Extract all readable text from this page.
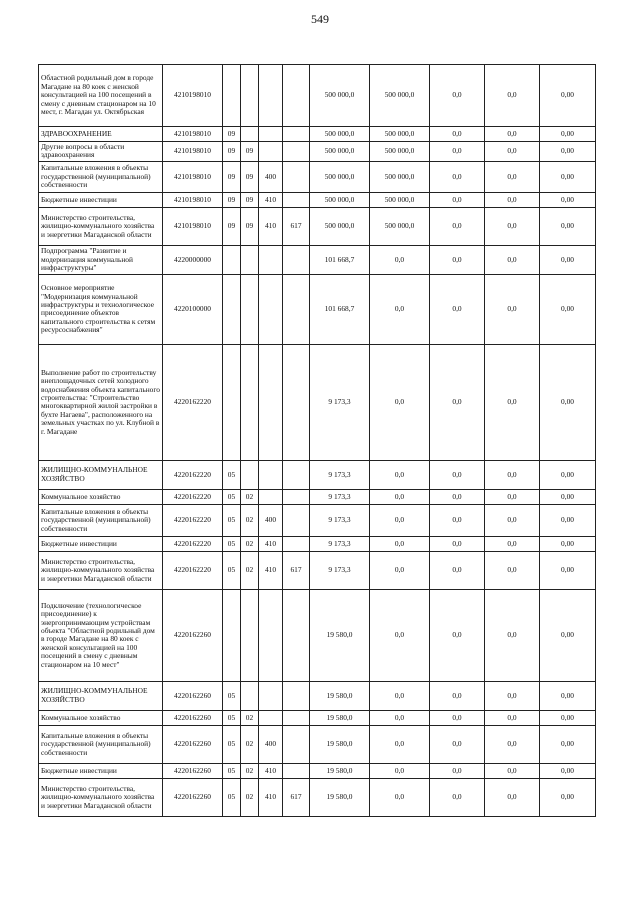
549
Областной родильный дом в городе Магадане на 80 коек с женской консультацией на 100 посещений в смену с дневным стационаром на 10 мест, г. Магадан ул. Октябрьская	4210198010					500 000,0	500 000,0	0,0	0,0	0,00
ЗДРАВООХРАНЕНИЕ	4210198010	09				500 000,0	500 000,0	0,0	0,0	0,00
Другие вопросы в области здравоохранения	4210198010	09	09			500 000,0	500 000,0	0,0	0,0	0,00
Капитальные вложения в объекты государственной (муниципальной) собственности	4210198010	09	09	400		500 000,0	500 000,0	0,0	0,0	0,00
Бюджетные инвестиции	4210198010	09	09	410		500 000,0	500 000,0	0,0	0,0	0,00
Министерство строительства, жилищно-коммунального хозяйства и энергетики Магаданской области	4210198010	09	09	410	617	500 000,0	500 000,0	0,0	0,0	0,00
Подпрограмма "Развитие и модернизация коммунальной инфраструктуры"	4220000000					101 668,7	0,0	0,0	0,0	0,00
Основное мероприятие "Модернизация коммунальной инфраструктуры и технологическое присоединение объектов капитального строительства к сетям ресурсоснабжения"	4220100000					101 668,7	0,0	0,0	0,0	0,00
Выполнение работ по строительству внеплощадочных сетей холодного водоснабжения объекта капитального строительства: "Строительство многоквартирной жилой застройки в бухте Нагаева", расположенного на земельных участках по ул. Клубной в г. Магадане	4220162220					9 173,3	0,0	0,0	0,0	0,00
ЖИЛИЩНО-КОММУНАЛЬНОЕ ХОЗЯЙСТВО	4220162220	05				9 173,3	0,0	0,0	0,0	0,00
Коммунальное хозяйство	4220162220	05	02			9 173,3	0,0	0,0	0,0	0,00
Капитальные вложения в объекты государственной (муниципальной) собственности	4220162220	05	02	400		9 173,3	0,0	0,0	0,0	0,00
Бюджетные инвестиции	4220162220	05	02	410		9 173,3	0,0	0,0	0,0	0,00
Министерство строительства, жилищно-коммунального хозяйства и энергетики Магаданской области	4220162220	05	02	410	617	9 173,3	0,0	0,0	0,0	0,00
Подключение (технологическое присоединение) к энергопринимающим устройствам объекта "Областной родильный дом в городе Магадане на 80 коек с женской консультацией на 100 посещений в смену с дневным стационаром на 10 мест"	4220162260					19 580,0	0,0	0,0	0,0	0,00
ЖИЛИЩНО-КОММУНАЛЬНОЕ ХОЗЯЙСТВО	4220162260	05				19 580,0	0,0	0,0	0,0	0,00
Коммунальное хозяйство	4220162260	05	02			19 580,0	0,0	0,0	0,0	0,00
Капитальные вложения в объекты государственной (муниципальной) собственности	4220162260	05	02	400		19 580,0	0,0	0,0	0,0	0,00
Бюджетные инвестиции	4220162260	05	02	410		19 580,0	0,0	0,0	0,0	0,00
Министерство строительства, жилищно-коммунального хозяйства и энергетики Магаданской области	4220162260	05	02	410	617	19 580,0	0,0	0,0	0,0	0,00
